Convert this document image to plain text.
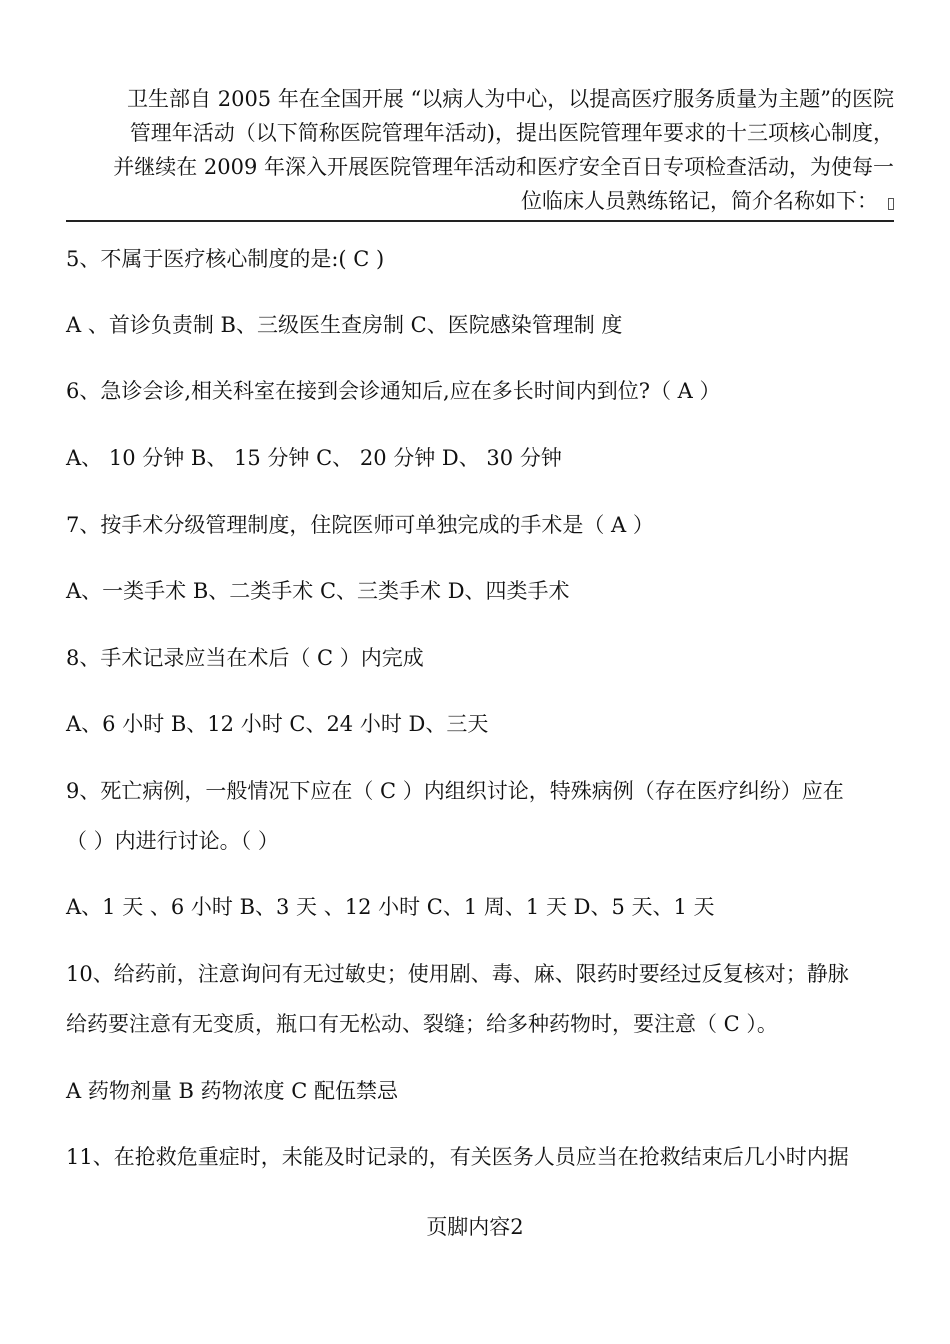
卫生部自 2005 年在全国开展 “以病人为中心，以提高医疗服务质量为主题”的医院
管理年活动（以下简称医院管理年活动)，提出医院管理年要求的十三项核心制度，
并继续在 2009 年深入开展医院管理年活动和医疗安全百日专项检查活动，为使每一
位临床人员熟练铭记，简介名称如下：
5、不属于医疗核心制度的是:( C )
A 、首诊负责制 B、三级医生查房制 C、医院感染管理制 度
6、急诊会诊,相关科室在接到会诊通知后,应在多长时间内到位?（ A ）
A、 10 分钟 B、 15 分钟 C、 20 分钟 D、 30 分钟
7、按手术分级管理制度，住院医师可单独完成的手术是（ A ）
A、一类手术 B、二类手术 C、三类手术 D、四类手术
8、手术记录应当在术后（ C ）内完成
A、6 小时 B、12 小时 C、24 小时 D、三天
9、死亡病例，一般情况下应在（ C ）内组织讨论，特殊病例（存在医疗纠纷）应在
（ ）内进行讨论。（ ）
A、1 天 、6 小时 B、3 天 、12 小时 C、1 周、1 天 D、5 天、1 天
10、给药前，注意询问有无过敏史；使用剧、毒、麻、限药时要经过反复核对；静脉
给药要注意有无变质，瓶口有无松动、裂缝；给多种药物时，要注意（ C ）。
A 药物剂量 B 药物浓度 C 配伍禁忌
11、在抢救危重症时，未能及时记录的，有关医务人员应当在抢救结束后几小时内据
页脚内容2
